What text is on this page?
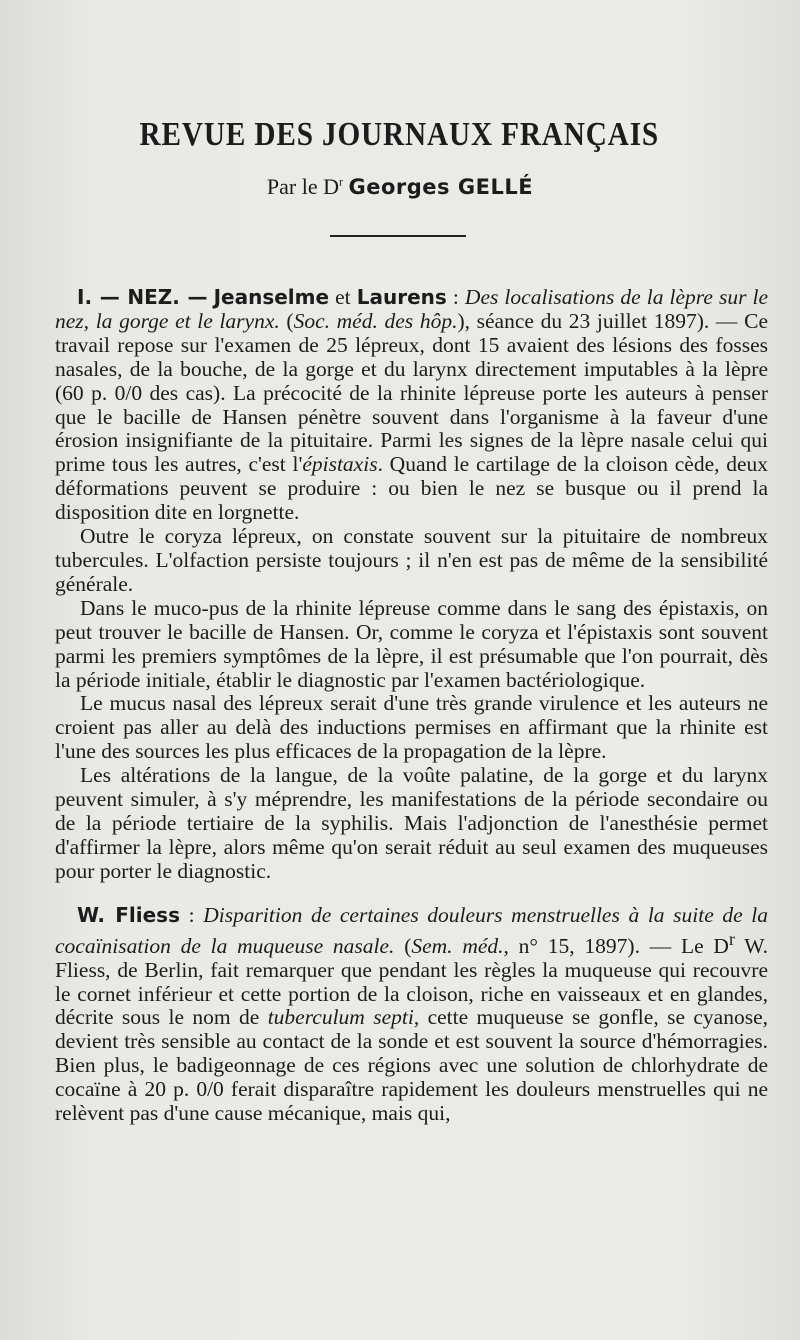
REVUE DES JOURNAUX FRANÇAIS
Par le $D^r$ Georges GELLÉ

I. — NEZ. — Jeanselme et Laurens : Des localisations de la lèpre sur le nez, la gorge et le larynx. (Soc. méd. des hôp.), séance du 23 juillet 1897). — Ce travail repose sur l'examen de 25 lépreux, dont 15 avaient des lésions des fosses nasales, de la bouche, de la gorge et du larynx directement imputables à la lèpre (60 p. 0/0 des cas). La précocité de la rhinite lépreuse porte les auteurs à penser que le bacille de Hansen pénètre souvent dans l'organisme à la faveur d'une érosion insignifiante de la pituitaire. Parmi les signes de la lèpre nasale celui qui prime tous les autres, c'est l'épistaxis. Quand le cartilage de la cloison cède, deux déformations peuvent se produire : ou bien le nez se busque ou il prend la disposition dite en lorgnette.

Outre le coryza lépreux, on constate souvent sur la pituitaire de nombreux tubercules. L'olfaction persiste toujours ; il n'en est pas de même de la sensibilité générale.

Dans le muco-pus de la rhinite lépreuse comme dans le sang des épistaxis, on peut trouver le bacille de Hansen. Or, comme le coryza et l'épistaxis sont souvent parmi les premiers symptômes de la lèpre, il est présumable que l'on pourrait, dès la période initiale, établir le diagnostic par l'examen bactériologique.

Le mucus nasal des lépreux serait d'une très grande virulence et les auteurs ne croient pas aller au delà des inductions permises en affirmant que la rhinite est l'une des sources les plus efficaces de la propagation de la lèpre.

Les altérations de la langue, de la voûte palatine, de la gorge et du larynx peuvent simuler, à s'y méprendre, les manifestations de la période secondaire ou de la période tertiaire de la syphilis. Mais l'adjonction de l'anesthésie permet d'affirmer la lèpre, alors même qu'on serait réduit au seul examen des muqueuses pour porter le diagnostic.

W. Fliess : Disparition de certaines douleurs menstruelles à la suite de la cocaïnisation de la muqueuse nasale. (Sem. méd., n° 15, 1897). — Le $D^r$ W. Fliess, de Berlin, fait remarquer que pendant les règles la muqueuse qui recouvre le cornet inférieur et cette portion de la cloison, riche en vaisseaux et en glandes, décrite sous le nom de tuberculum septi, cette muqueuse se gonfle, se cyanose, devient très sensible au contact de la sonde et est souvent la source d'hémorragies. Bien plus, le badigeonnage de ces régions avec une solution de chlorhydrate de cocaïne à 20 p. 0/0 ferait disparaître rapidement les douleurs menstruelles qui ne relèvent pas d'une cause mécanique, mais qui,
